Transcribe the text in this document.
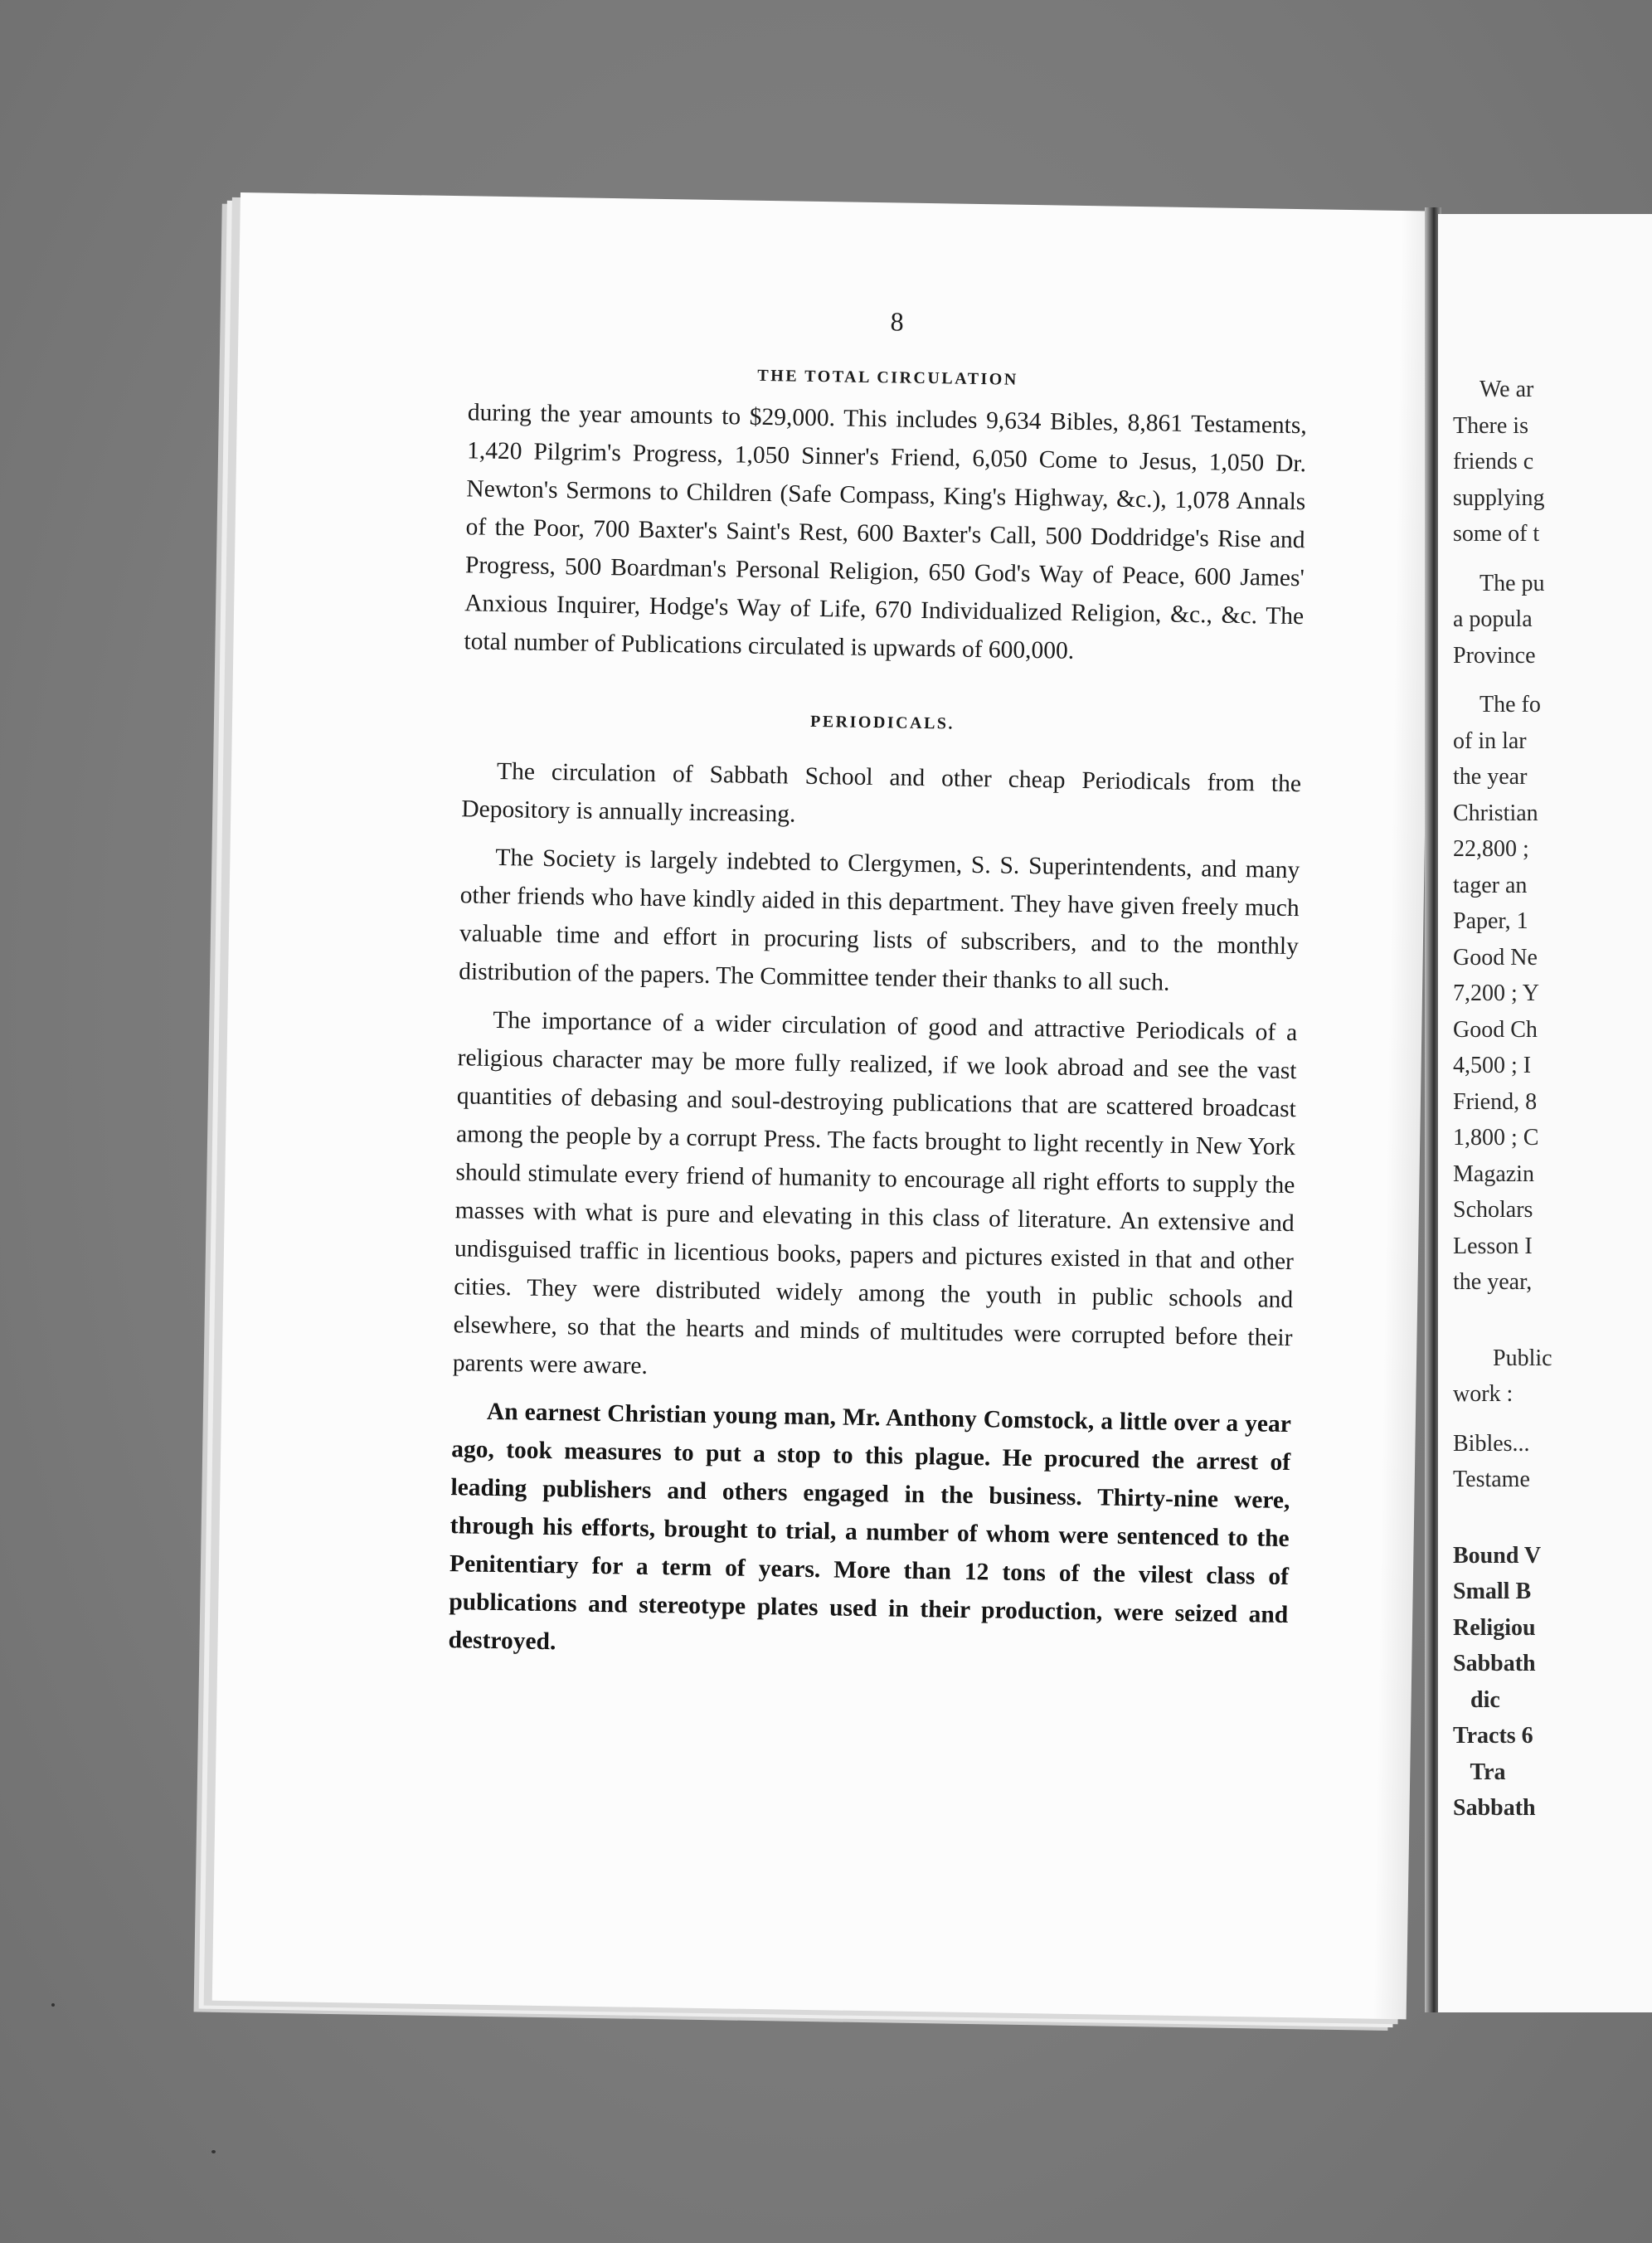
8
THE TOTAL CIRCULATION

during the year amounts to $29,000. This includes 9,634 Bibles, 8,861 Testaments, 1,420 Pilgrim's Progress, 1,050 Sinner's Friend, 6,050 Come to Jesus, 1,050 Dr. Newton's Sermons to Children (Safe Compass, King's Highway, &c.), 1,078 Annals of the Poor, 700 Baxter's Saint's Rest, 600 Baxter's Call, 500 Doddridge's Rise and Progress, 500 Boardman's Personal Religion, 650 God's Way of Peace, 600 James' Anxious Inquirer, Hodge's Way of Life, 670 Individualized Religion, &c., &c. The total number of Publications circulated is upwards of 600,000.

PERIODICALS.

The circulation of Sabbath School and other cheap Periodicals from the Depository is annually increasing.

The Society is largely indebted to Clergymen, S. S. Superintendents, and many other friends who have kindly aided in this department. They have given freely much valuable time and effort in procuring lists of subscribers, and to the monthly distribution of the papers. The Committee tender their thanks to all such.

The importance of a wider circulation of good and attractive Periodicals of a religious character may be more fully realized, if we look abroad and see the vast quantities of debasing and soul-destroying publications that are scattered broadcast among the people by a corrupt Press. The facts brought to light recently in New York should stimulate every friend of humanity to encourage all right efforts to supply the masses with what is pure and elevating in this class of literature. An extensive and undisguised traffic in licentious books, papers and pictures existed in that and other cities. They were distributed widely among the youth in public schools and elsewhere, so that the hearts and minds of multitudes were corrupted before their parents were aware.

An earnest Christian young man, Mr. Anthony Comstock, a little over a year ago, took measures to put a stop to this plague. He procured the arrest of leading publishers and others engaged in the business. Thirty-nine were, through his efforts, brought to trial, a number of whom were sentenced to the Penitentiary for a term of years. More than 12 tons of the vilest class of publications and stereotype plates used in their production, were seized and destroyed.

We ar
There is
friends c
supplying
some of t
The pu
a popula
Province
The fo
of in lar
the year
Christian
22,800 ;
tager an
Paper, 1
Good Ne
7,200 ; Y
Good Ch
4,500 ; I
Friend, 8
1,800 ; C
Magazin
Scholars
Lesson I
the year,
Public
work :
Bibles...
Testame
Bound V
Small B
Religiou
Sabbath
dic
Tracts 6
Tra
Sabbath
